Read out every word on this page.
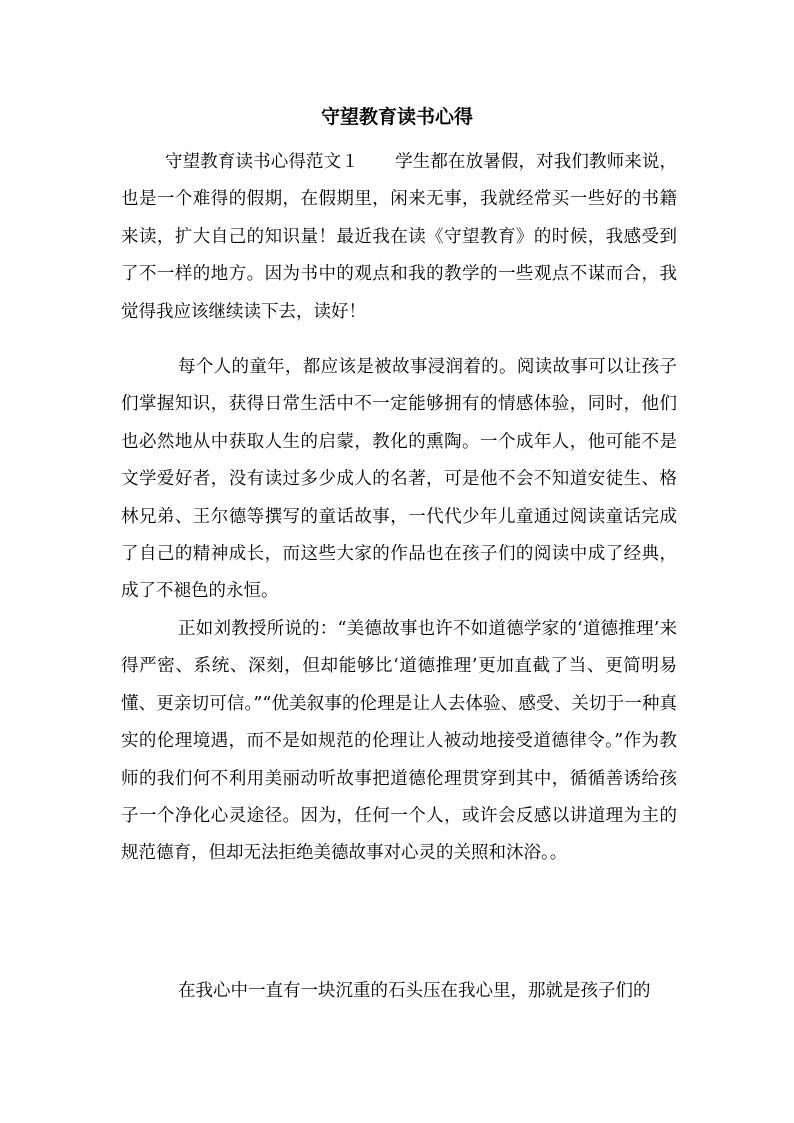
守望教育读书心得

守望教育读书心得范文１ 学生都在放暑假，对我们教师来说，也是一个难得的假期，在假期里，闲来无事，我就经常买一些好的书籍来读，扩大自己的知识量！最近我在读《守望教育》的时候，我感受到了不一样的地方。因为书中的观点和我的教学的一些观点不谋而合，我觉得我应该继续读下去，读好！

每个人的童年，都应该是被故事浸润着的。阅读故事可以让孩子们掌握知识，获得日常生活中不一定能够拥有的情感体验，同时，他们也必然地从中获取人生的启蒙，教化的熏陶。一个成年人，他可能不是文学爱好者，没有读过多少成人的名著，可是他不会不知道安徒生、格林兄弟、王尔德等撰写的童话故事，一代代少年儿童通过阅读童话完成了自己的精神成长，而这些大家的作品也在孩子们的阅读中成了经典，成了不褪色的永恒。

正如刘教授所说的：“美德故事也许不如道德学家的‘道德推理’来得严密、系统、深刻，但却能够比‘道德推理’更加直截了当、更简明易懂、更亲切可信。”“优美叙事的伦理是让人去体验、感受、关切于一种真实的伦理境遇，而不是如规范的伦理让人被动地接受道德律令。”作为教师的我们何不利用美丽动听故事把道德伦理贯穿到其中，循循善诱给孩子一个净化心灵途径。因为，任何一个人，或许会反感以讲道理为主的规范德育，但却无法拒绝美德故事对心灵的关照和沐浴。。

在我心中一直有一块沉重的石头压在我心里，那就是孩子们的
